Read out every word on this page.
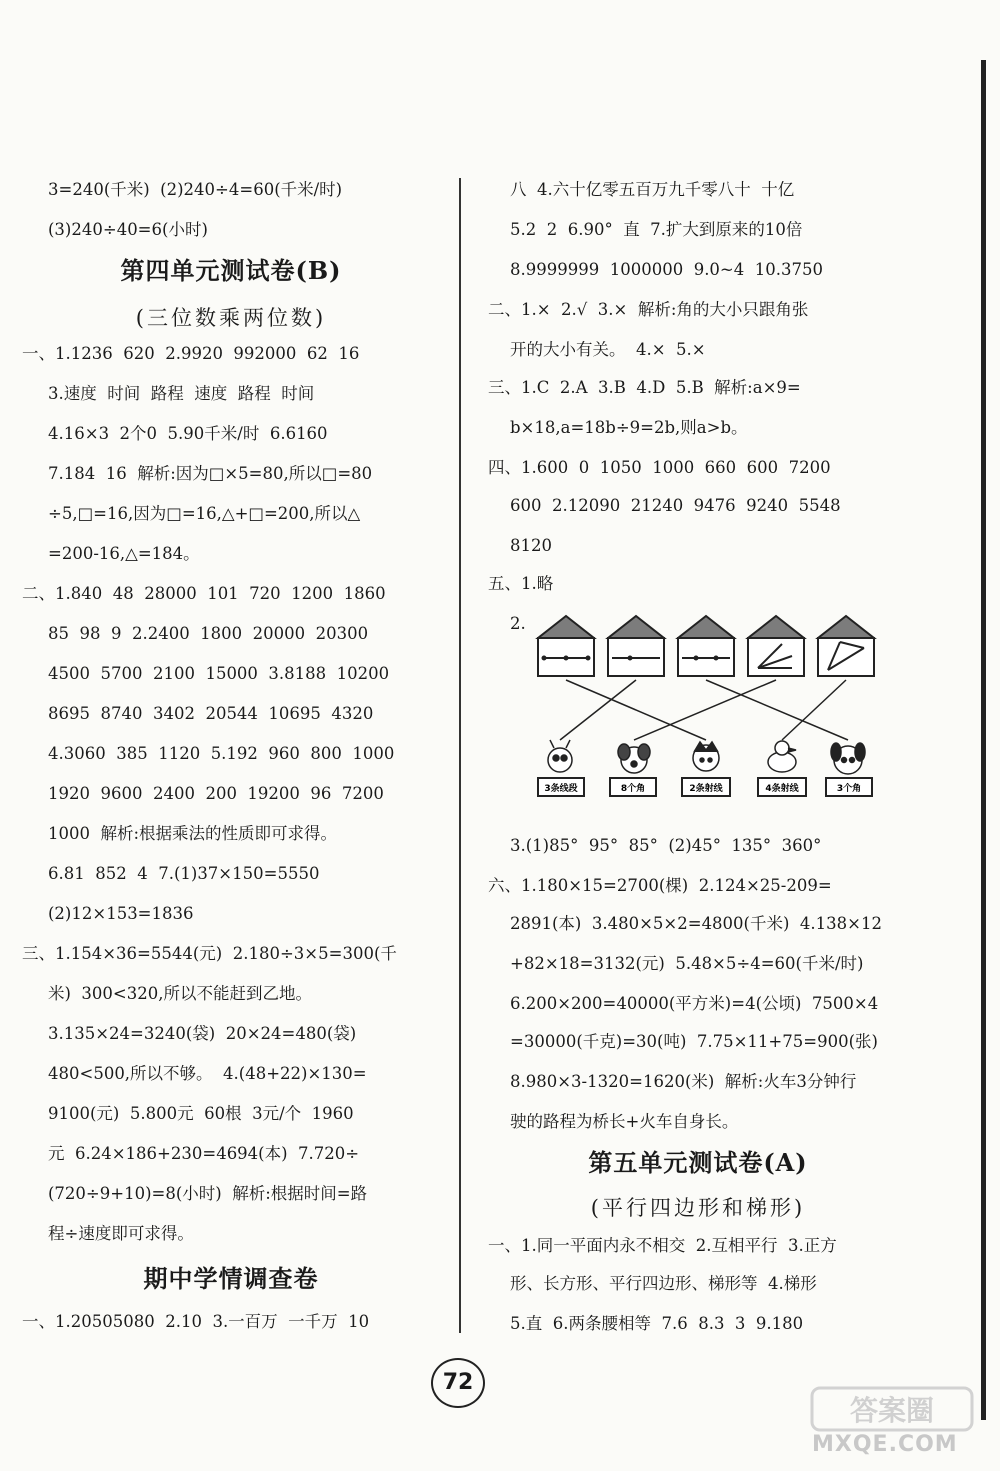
3=240(千米)  (2)240÷4=60(千米/时)
(3)240÷40=6(小时)
第四单元测试卷(B)
(三位数乘两位数)
一、1.1236  620  2.9920  992000  62  16
3.速度  时间  路程  速度  路程  时间
4.16×3  2个0  5.90千米/时  6.6160
7.184  16  解析:因为□×5=80,所以□=80
÷5,□=16,因为□=16,△+□=200,所以△
=200-16,△=184。
二、1.840  48  28000  101  720  1200  1860
85  98  9  2.2400  1800  20000  20300
4500  5700  2100  15000  3.8188  10200
8695  8740  3402  20544  10695  4320
4.3060  385  1120  5.192  960  800  1000
1920  9600  2400  200  19200  96  7200
1000  解析:根据乘法的性质即可求得。
6.81  852  4  7.(1)37×150=5550
(2)12×153=1836
三、1.154×36=5544(元)  2.180÷3×5=300(千
米)  300<320,所以不能赶到乙地。
3.135×24=3240(袋)  20×24=480(袋)
480<500,所以不够。  4.(48+22)×130=
9100(元)  5.800元  60根  3元/个  1960
元  6.24×186+230=4694(本)  7.720÷
(720÷9+10)=8(小时)  解析:根据时间=路
程÷速度即可求得。
期中学情调查卷
一、1.20505080  2.10  3.一百万  一千万  10
八  4.六十亿零五百万九千零八十  十亿
5.2  2  6.90°  直  7.扩大到原来的10倍
8.9999999  1000000  9.0~4  10.3750
二、1.×  2.√  3.×  解析:角的大小只跟角张
开的大小有关。  4.×  5.×
三、1.C  2.A  3.B  4.D  5.B  解析:a×9=
b×18,a=18b÷9=2b,则a>b。
四、1.600  0  1050  1000  660  600  7200
600  2.12090  21240  9476  9240  5548
8120
五、1.略
2.
3.(1)85°  95°  85°  (2)45°  135°  360°
六、1.180×15=2700(棵)  2.124×25-209=
2891(本)  3.480×5×2=4800(千米)  4.138×12
+82×18=3132(元)  5.48×5÷4=60(千米/时)
6.200×200=40000(平方米)=4(公顷)  7500×4
=30000(千克)=30(吨)  7.75×11+75=900(张)
8.980×3-1320=1620(米)  解析:火车3分钟行
驶的路程为桥长+火车自身长。
第五单元测试卷(A)
(平行四边形和梯形)
一、1.同一平面内永不相交  2.互相平行  3.正方
形、长方形、平行四边形、梯形等  4.梯形
5.直  6.两条腰相等  7.6  8.3  3  9.180
3条线段	8个角	2条射线	4条射线	3个角
72
答案圈
MXQE.COM
